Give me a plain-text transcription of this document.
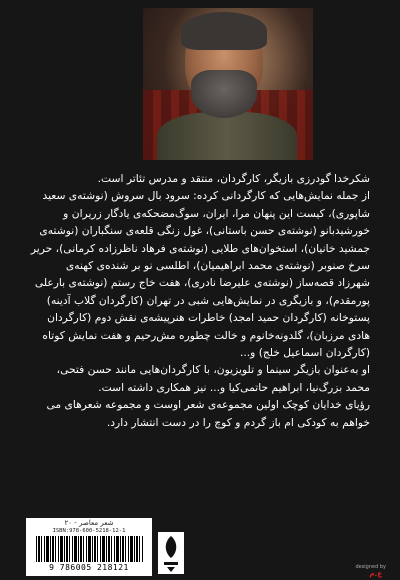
شکرخدا گودرزی بازیگر، کارگردان، منتقد و مدرس تئاتر است.

از جمله نمایش‌هایی که کارگردانی کرده: سرود بال سروش (نوشته‌ی سعید شاپوری)، کیست این پنهان مرا، ایران، سوگ‌مضحکه‌ی یادگار زریران و خورشیدبانو (نوشته‌ی حسن باستانی)، غول زنگی قلعه‌ی سنگباران (نوشته‌ی جمشید خانیان)، استخوان‌های طلایی (نوشته‌ی فرهاد ناظرزاده کرمانی)، حریر سرخ صنوبر (نوشته‌ی محمد ابراهیمیان)، اطلسی نو بر شنده‌ی کهنه‌ی شهرزاد قصه‌ساز (نوشته‌ی علیرضا نادری)، هفت خاج رستم (نوشته‌ی بارعلی پورمقدم)، و بازیگری در نمایش‌هایی شبی در تهران (کارگردان گلاب آدینه) پستوخانه (کارگردان حمید امجد) خاطرات هنرپیشه‌ی نقش دوم (کارگردان هادی مرزبان)، گلدونه‌خانوم و خالت چطوره مش‌رحیم و هفت نمایش کوتاه (کارگردان اسماعیل خلج) و...

او به‌عنوان بازیگر سینما و تلویزیون، با کارگردان‌هایی مانند حسن فتحی، محمد بزرگ‌نیا، ابراهیم حاتمی‌کیا و... نیز همکاری داشته است.

رؤیای خدایان کوچک اولین مجموعه‌ی شعر اوست و مجموعه شعرهای می خواهم به کودکی ام باز گردم و کوچ را در دست انتشار دارد.

شعر معاصر - ۲۰
ISBN:978-600-5218-12-1
9 786005 218121	designed by
ع.م
